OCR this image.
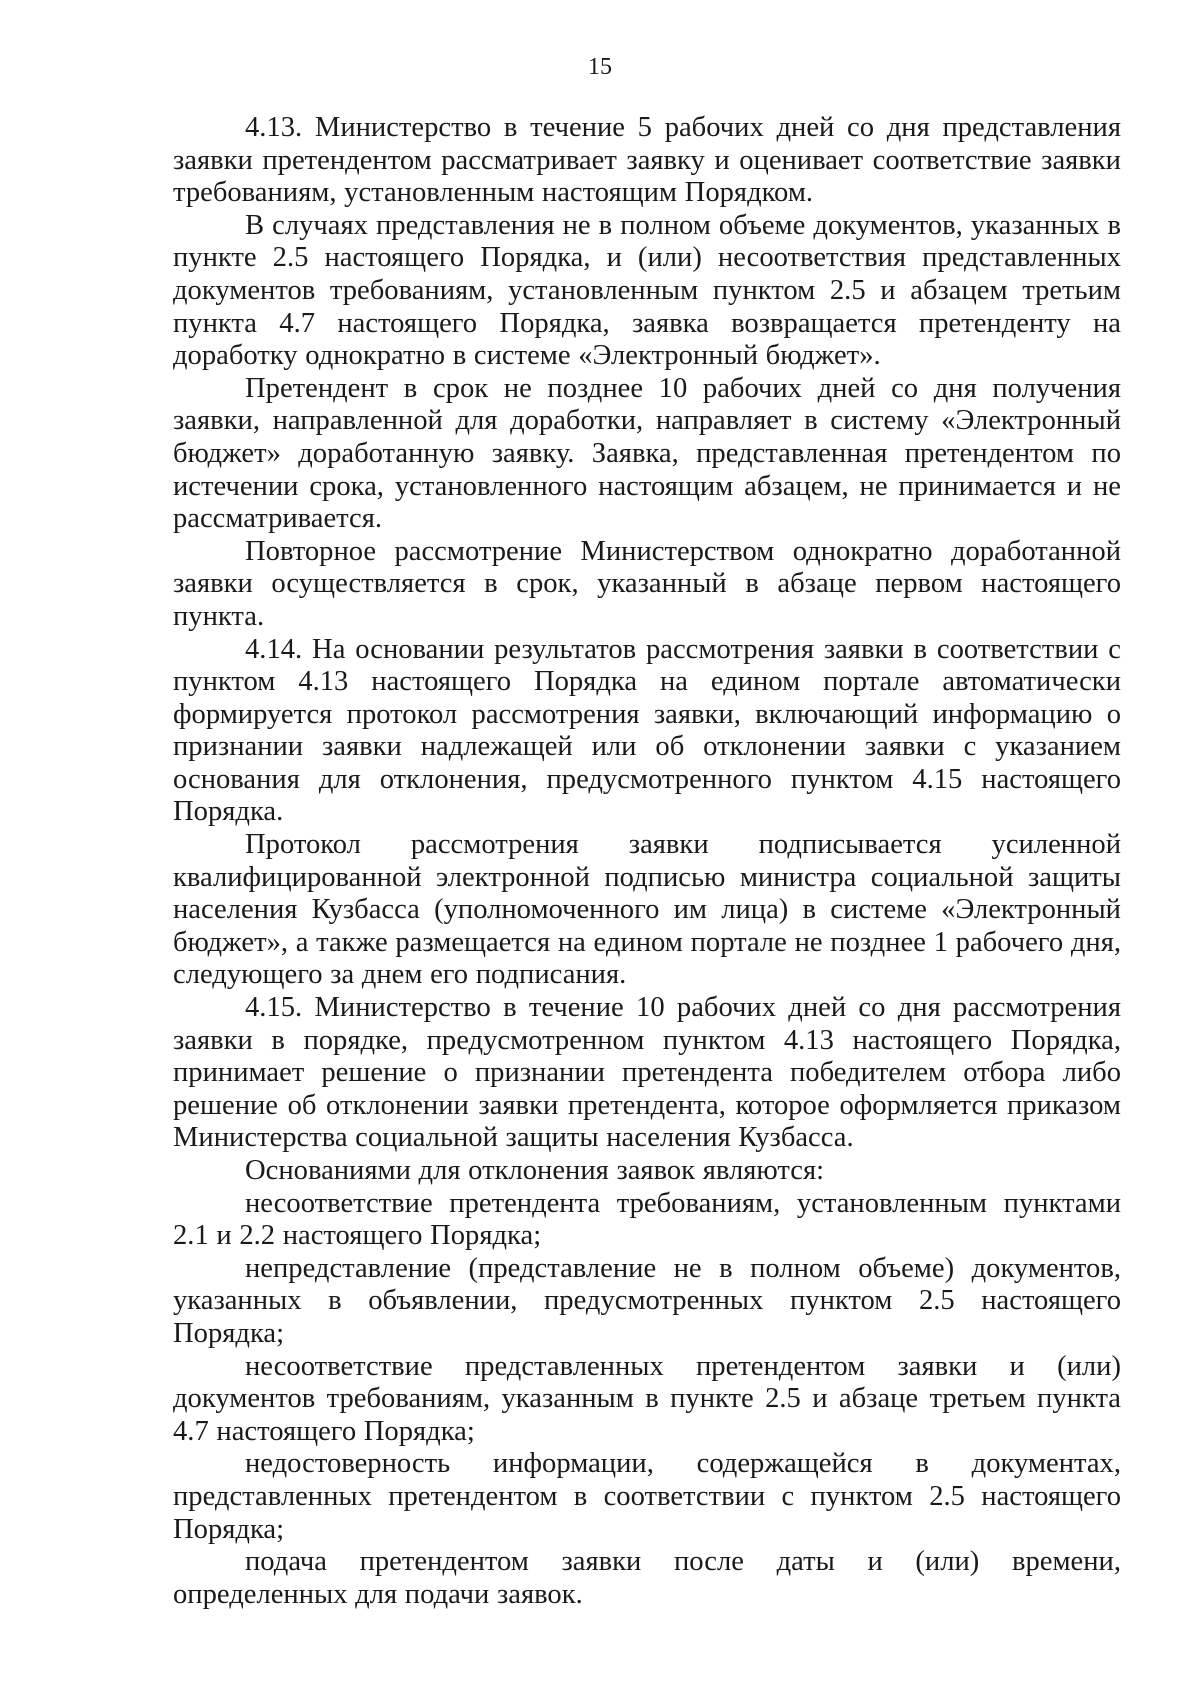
15

4.13. Министерство в течение 5 рабочих дней со дня представления заявки претендентом рассматривает заявку и оценивает соответствие заявки требованиям, установленным настоящим Порядком.

В случаях представления не в полном объеме документов, указанных в пункте 2.5 настоящего Порядка, и (или) несоответствия представленных документов требованиям, установленным пунктом 2.5 и абзацем третьим пункта 4.7 настоящего Порядка, заявка возвращается претенденту на доработку однократно в системе «Электронный бюджет».

Претендент в срок не позднее 10 рабочих дней со дня получения заявки, направленной для доработки, направляет в систему «Электронный бюджет» доработанную заявку. Заявка, представленная претендентом по истечении срока, установленного настоящим абзацем, не принимается и не рассматривается.

Повторное рассмотрение Министерством однократно доработанной заявки осуществляется в срок, указанный в абзаце первом настоящего пункта.

4.14. На основании результатов рассмотрения заявки в соответствии с пунктом 4.13 настоящего Порядка на едином портале автоматически формируется протокол рассмотрения заявки, включающий информацию о признании заявки надлежащей или об отклонении заявки с указанием основания для отклонения, предусмотренного пунктом 4.15 настоящего Порядка.

Протокол рассмотрения заявки подписывается усиленной квалифицированной электронной подписью министра социальной защиты населения Кузбасса (уполномоченного им лица) в системе «Электронный бюджет», а также размещается на едином портале не позднее 1 рабочего дня, следующего за днем его подписания.

4.15. Министерство в течение 10 рабочих дней со дня рассмотрения заявки в порядке, предусмотренном пунктом 4.13 настоящего Порядка, принимает решение о признании претендента победителем отбора либо решение об отклонении заявки претендента, которое оформляется приказом Министерства социальной защиты населения Кузбасса.

Основаниями для отклонения заявок являются:

несоответствие претендента требованиям, установленным пунктами 2.1 и 2.2 настоящего Порядка;

непредставление (представление не в полном объеме) документов, указанных в объявлении, предусмотренных пунктом 2.5 настоящего Порядка;

несоответствие представленных претендентом заявки и (или) документов требованиям, указанным в пункте 2.5 и абзаце третьем пункта 4.7 настоящего Порядка;

недостоверность информации, содержащейся в документах, представленных претендентом в соответствии с пунктом 2.5 настоящего Порядка;

подача претендентом заявки после даты и (или) времени, определенных для подачи заявок.
